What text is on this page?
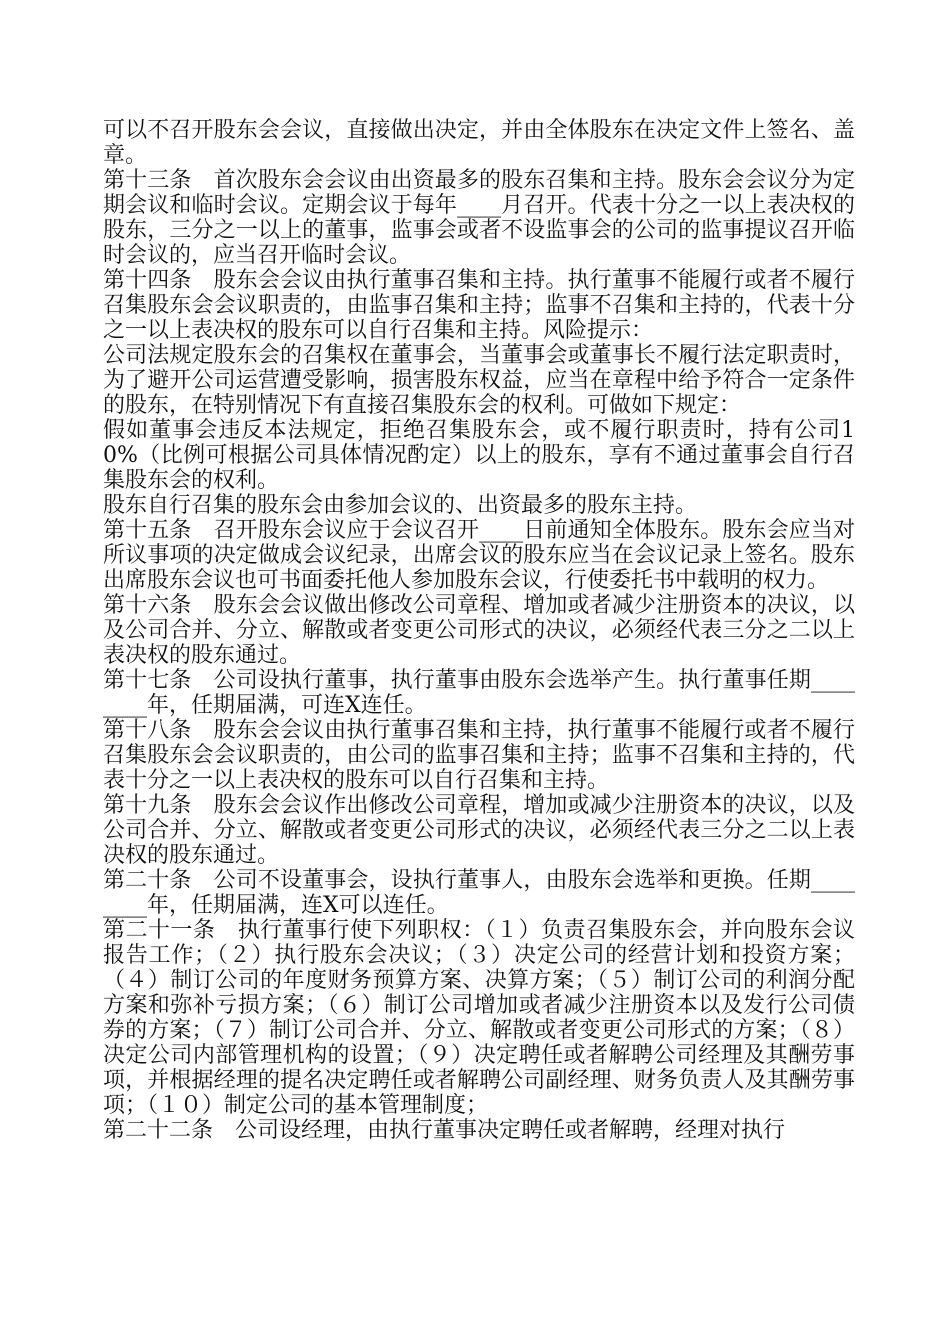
可以不召开股东会会议，直接做出决定，并由全体股东在决定文件上签名、盖章。

第十三条　首次股东会会议由出资最多的股东召集和主持。股东会会议分为定期会议和临时会议。定期会议于每年____月召开。代表十分之一以上表决权的股东，三分之一以上的董事，监事会或者不设监事会的公司的监事提议召开临时会议的，应当召开临时会议。

第十四条　股东会会议由执行董事召集和主持。执行董事不能履行或者不履行召集股东会会议职责的，由监事召集和主持；监事不召集和主持的，代表十分之一以上表决权的股东可以自行召集和主持。风险提示：

公司法规定股东会的召集权在董事会，当董事会或董事长不履行法定职责时，为了避开公司运营遭受影响，损害股东权益，应当在章程中给予符合一定条件的股东，在特别情况下有直接召集股东会的权利。可做如下规定：

假如董事会违反本法规定，拒绝召集股东会，或不履行职责时，持有公司10%（比例可根据公司具体情况酌定）以上的股东，享有不通过董事会自行召集股东会的权利。

股东自行召集的股东会由参加会议的、出资最多的股东主持。

第十五条　召开股东会议应于会议召开____日前通知全体股东。股东会应当对所议事项的决定做成会议纪录，出席会议的股东应当在会议记录上签名。股东出席股东会议也可书面委托他人参加股东会议，行使委托书中载明的权力。

第十六条　股东会会议做出修改公司章程、增加或者减少注册资本的决议，以及公司合并、分立、解散或者变更公司形式的决议，必须经代表三分之二以上表决权的股东通过。

第十七条　公司设执行董事，执行董事由股东会选举产生。执行董事任期________年，任期届满，可连X连任。

第十八条　股东会会议由执行董事召集和主持，执行董事不能履行或者不履行召集股东会会议职责的，由公司的监事召集和主持；监事不召集和主持的，代表十分之一以上表决权的股东可以自行召集和主持。

第十九条　股东会会议作出修改公司章程，增加或减少注册资本的决议，以及公司合并、分立、解散或者变更公司形式的决议，必须经代表三分之二以上表决权的股东通过。

第二十条　公司不设董事会，设执行董事人，由股东会选举和更换。任期________年，任期届满，连X可以连任。

第二十一条　执行董事行使下列职权：（１）负责召集股东会，并向股东会议报告工作；（２）执行股东会决议；（３）决定公司的经营计划和投资方案；（４）制订公司的年度财务预算方案、决算方案；（５）制订公司的利润分配方案和弥补亏损方案；（６）制订公司增加或者减少注册资本以及发行公司债券的方案；（７）制订公司合并、分立、解散或者变更公司形式的方案；（８）决定公司内部管理机构的设置；（９）决定聘任或者解聘公司经理及其酬劳事项，并根据经理的提名决定聘任或者解聘公司副经理、财务负责人及其酬劳事项；（１０）制定公司的基本管理制度；

第二十二条　公司设经理，由执行董事决定聘任或者解聘，经理对执行
